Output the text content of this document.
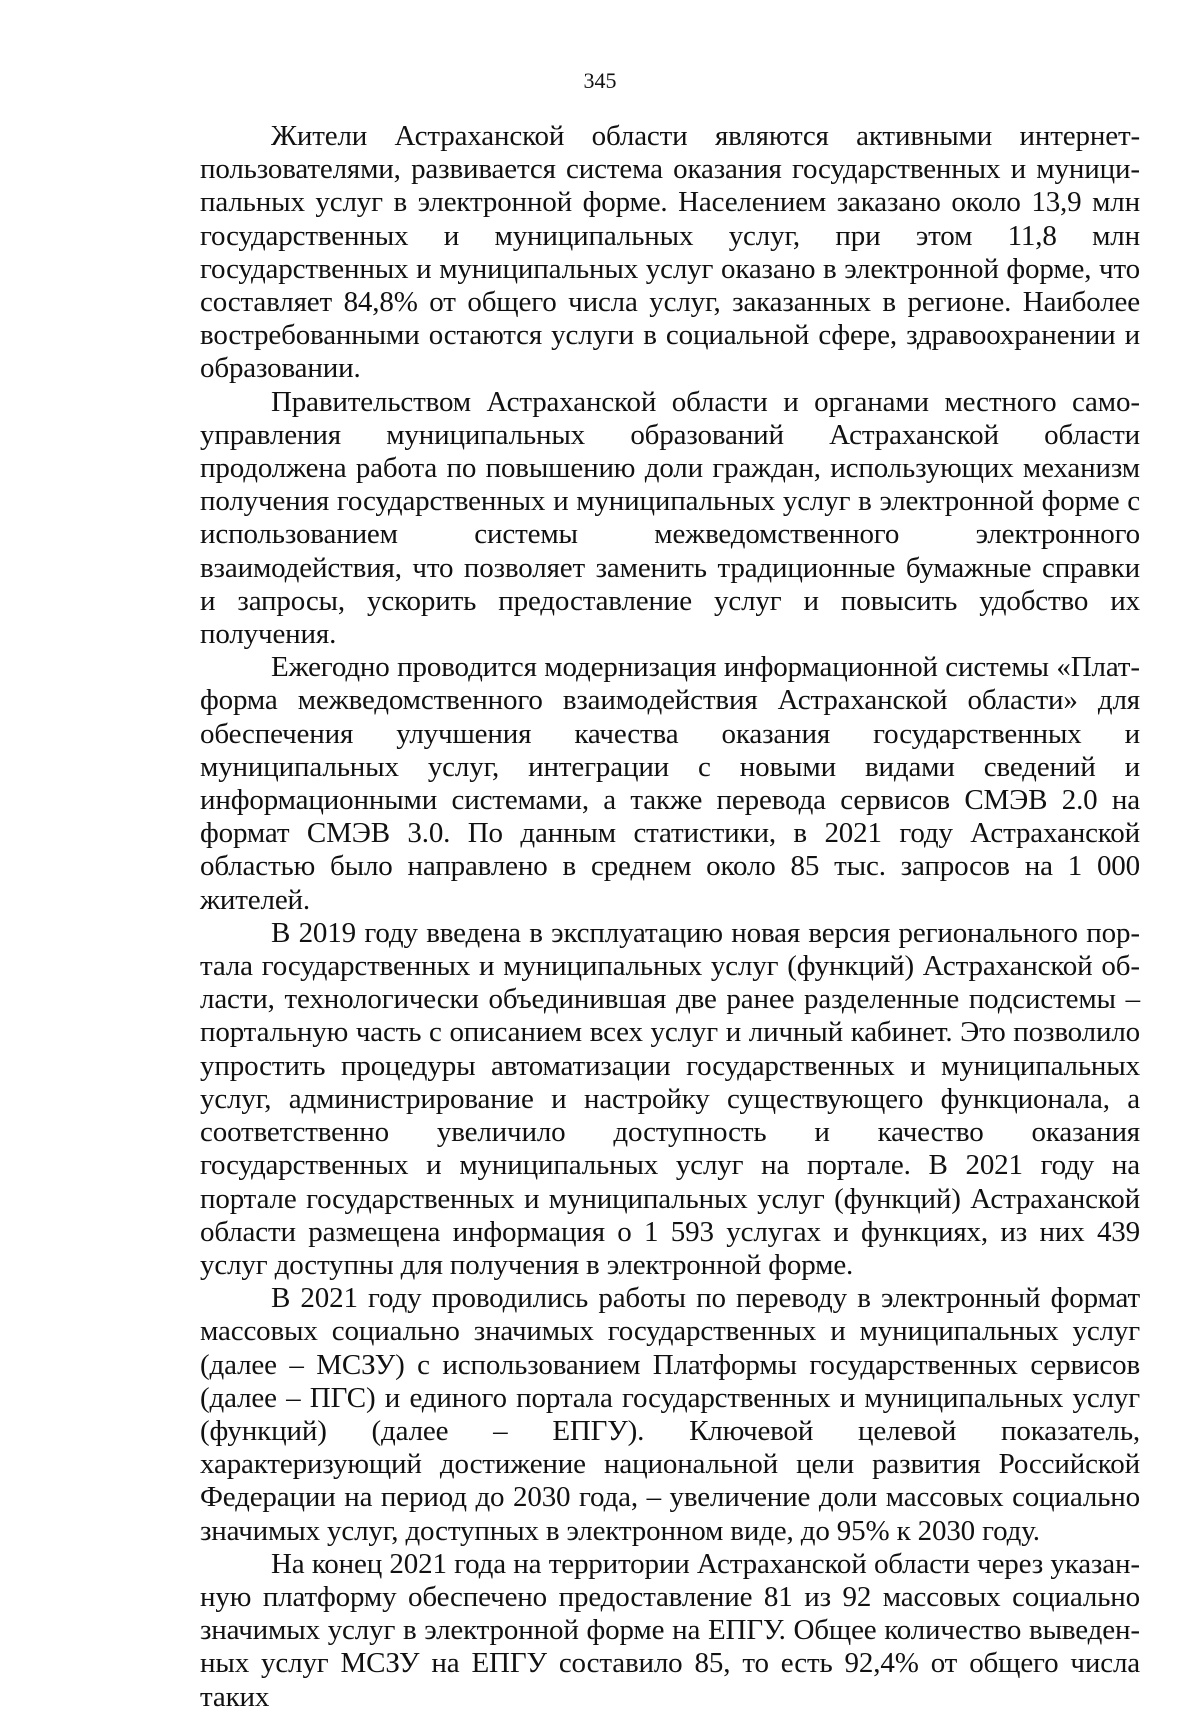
345

Жители Астраханской области являются активными интернет-пользователями, развивается система оказания государственных и муниципальных услуг в электронной форме. Населением заказано около 13,9 млн государственных и муниципальных услуг, при этом 11,8 млн государственных и муниципальных услуг оказано в электронной форме, что составляет 84,8% от общего числа услуг, заказанных в регионе. Наиболее востребованными остаются услуги в социальной сфере, здравоохранении и образовании.

Правительством Астраханской области и органами местного самоуправления муниципальных образований Астраханской области продолжена работа по повышению доли граждан, использующих механизм получения государственных и муниципальных услуг в электронной форме с использованием системы межведомственного электронного взаимодействия, что позволяет заменить традиционные бумажные справки и запросы, ускорить предоставление услуг и повысить удобство их получения.

Ежегодно проводится модернизация информационной системы «Платформа межведомственного взаимодействия Астраханской области» для обеспечения улучшения качества оказания государственных и муниципальных услуг, интеграции с новыми видами сведений и информационными системами, а также перевода сервисов СМЭВ 2.0 на формат СМЭВ 3.0. По данным статистики, в 2021 году Астраханской областью было направлено в среднем около 85 тыс. запросов на 1 000 жителей.

В 2019 году введена в эксплуатацию новая версия регионального портала государственных и муниципальных услуг (функций) Астраханской области, технологически объединившая две ранее разделенные подсистемы – портальную часть с описанием всех услуг и личный кабинет. Это позволило упростить процедуры автоматизации государственных и муниципальных услуг, администрирование и настройку существующего функционала, а соответственно увеличило доступность и качество оказания государственных и муниципальных услуг на портале. В 2021 году на портале государственных и муниципальных услуг (функций) Астраханской области размещена информация о 1 593 услугах и функциях, из них 439 услуг доступны для получения в электронной форме.

В 2021 году проводились работы по переводу в электронный формат массовых социально значимых государственных и муниципальных услуг (далее – МСЗУ) с использованием Платформы государственных сервисов (далее – ПГС) и единого портала государственных и муниципальных услуг (функций) (далее – ЕПГУ). Ключевой целевой показатель, характеризующий достижение национальной цели развития Российской Федерации на период до 2030 года, – увеличение доли массовых социально значимых услуг, доступных в электронном виде, до 95% к 2030 году.

На конец 2021 года на территории Астраханской области через указанную платформу обеспечено предоставление 81 из 92 массовых социально значимых услуг в электронной форме на ЕПГУ. Общее количество выведенных услуг МСЗУ на ЕПГУ составило 85, то есть 92,4% от общего числа таких
